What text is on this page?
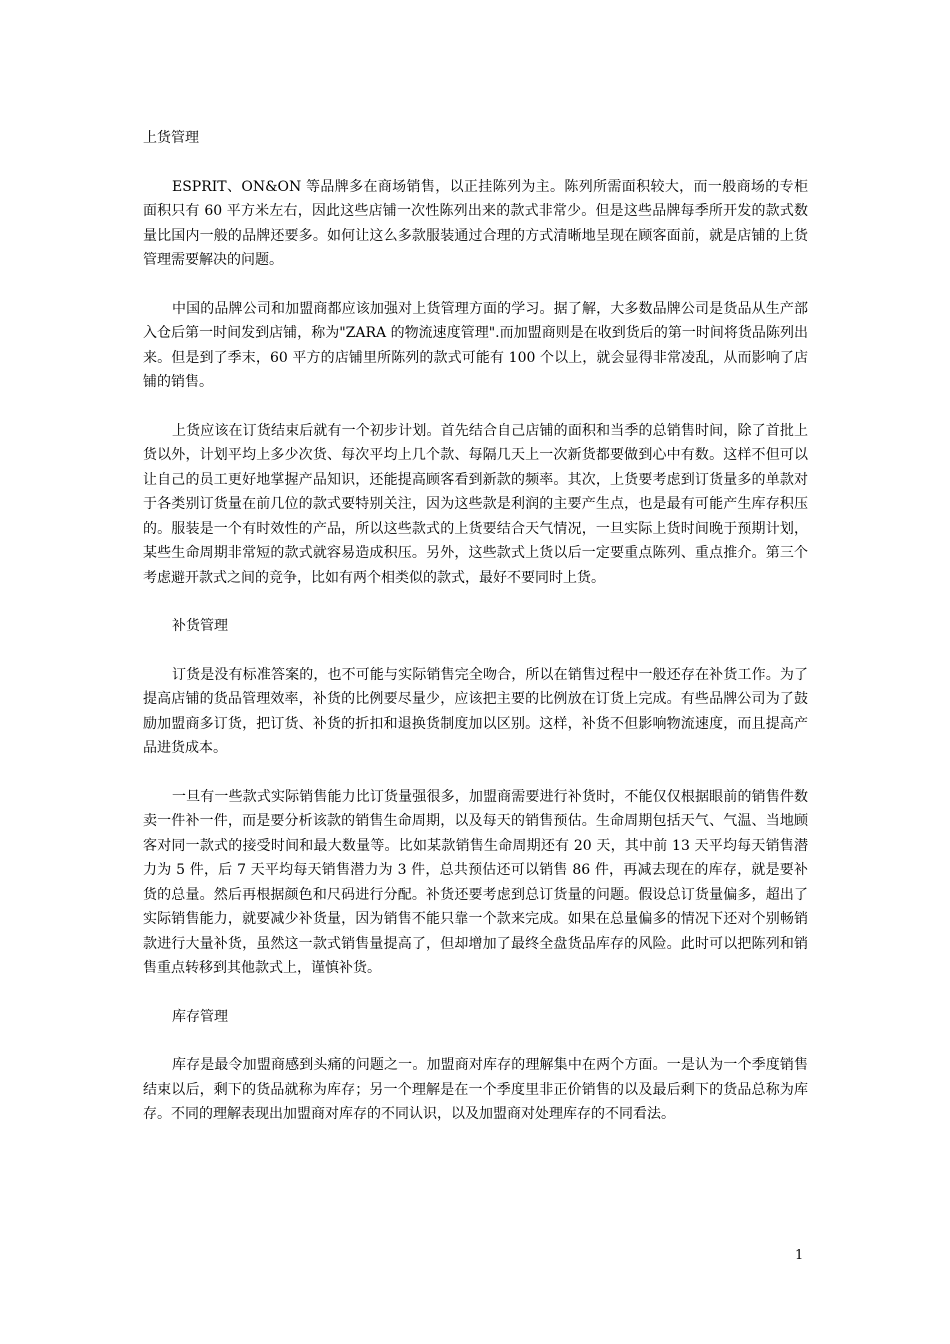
上货管理

ESPRIT、ON&ON 等品牌多在商场销售，以正挂陈列为主。陈列所需面积较大，而一般商场的专柜面积只有 60 平方米左右，因此这些店铺一次性陈列出来的款式非常少。但是这些品牌每季所开发的款式数量比国内一般的品牌还要多。如何让这么多款服装通过合理的方式清晰地呈现在顾客面前，就是店铺的上货管理需要解决的问题。

中国的品牌公司和加盟商都应该加强对上货管理方面的学习。据了解，大多数品牌公司是货品从生产部入仓后第一时间发到店铺，称为"ZARA 的物流速度管理".而加盟商则是在收到货后的第一时间将货品陈列出来。但是到了季末，60 平方的店铺里所陈列的款式可能有 100 个以上，就会显得非常凌乱，从而影响了店铺的销售。

上货应该在订货结束后就有一个初步计划。首先结合自己店铺的面积和当季的总销售时间，除了首批上货以外，计划平均上多少次货、每次平均上几个款、每隔几天上一次新货都要做到心中有数。这样不但可以让自己的员工更好地掌握产品知识，还能提高顾客看到新款的频率。其次，上货要考虑到订货量多的单款对于各类别订货量在前几位的款式要特别关注，因为这些款是利润的主要产生点，也是最有可能产生库存积压的。服装是一个有时效性的产品，所以这些款式的上货要结合天气情况，一旦实际上货时间晚于预期计划，某些生命周期非常短的款式就容易造成积压。另外，这些款式上货以后一定要重点陈列、重点推介。第三个考虑避开款式之间的竞争，比如有两个相类似的款式，最好不要同时上货。

补货管理

订货是没有标准答案的，也不可能与实际销售完全吻合，所以在销售过程中一般还存在补货工作。为了提高店铺的货品管理效率，补货的比例要尽量少，应该把主要的比例放在订货上完成。有些品牌公司为了鼓励加盟商多订货，把订货、补货的折扣和退换货制度加以区别。这样，补货不但影响物流速度，而且提高产品进货成本。

一旦有一些款式实际销售能力比订货量强很多，加盟商需要进行补货时，不能仅仅根据眼前的销售件数卖一件补一件，而是要分析该款的销售生命周期，以及每天的销售预估。生命周期包括天气、气温、当地顾客对同一款式的接受时间和最大数量等。比如某款销售生命周期还有 20 天，其中前 13 天平均每天销售潜力为 5 件，后 7 天平均每天销售潜力为 3 件，总共预估还可以销售 86 件，再减去现在的库存，就是要补货的总量。然后再根据颜色和尺码进行分配。补货还要考虑到总订货量的问题。假设总订货量偏多，超出了实际销售能力，就要减少补货量，因为销售不能只靠一个款来完成。如果在总量偏多的情况下还对个别畅销款进行大量补货，虽然这一款式销售量提高了，但却增加了最终全盘货品库存的风险。此时可以把陈列和销售重点转移到其他款式上，谨慎补货。

库存管理

库存是最令加盟商感到头痛的问题之一。加盟商对库存的理解集中在两个方面。一是认为一个季度销售结束以后，剩下的货品就称为库存；另一个理解是在一个季度里非正价销售的以及最后剩下的货品总称为库存。不同的理解表现出加盟商对库存的不同认识，以及加盟商对处理库存的不同看法。

1
